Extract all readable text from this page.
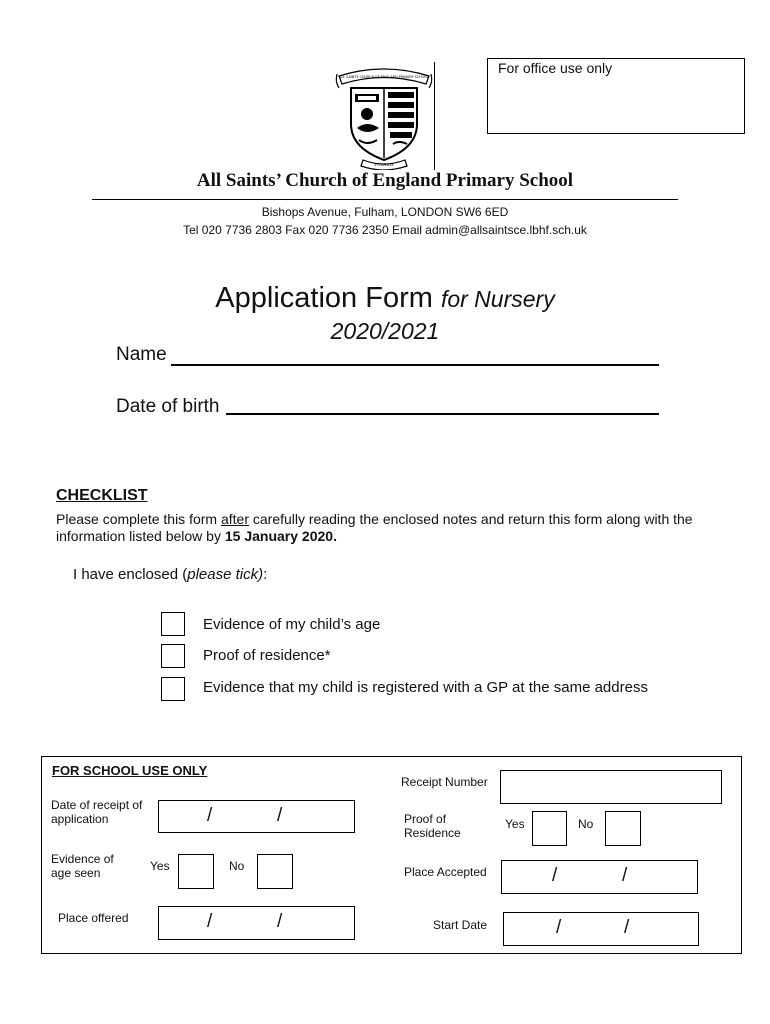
For office use only
ALL SAINTS CHURCH OF ENGLAND PRIMARY SCHOOL
FULHAM
All Saints’ Church of England Primary School
Bishops Avenue, Fulham, LONDON SW6 6ED
Tel 020 7736 2803 Fax 020 7736 2350 Email admin@allsaintsce.lbhf.sch.uk
Application Form for Nursery
2020/2021
Name
Date of birth
CHECKLIST
Please complete this form after carefully reading the enclosed notes and return this form along with the information listed below by 15 January 2020.
I have enclosed (please tick):
Evidence of my child’s age
Proof of residence*
Evidence that my child is registered with a GP at the same address
FOR SCHOOL USE ONLY
Date of receipt of
application	/	/
Evidence of
age seen	Yes	No
Place offered	/	/
Receipt Number
Proof of
Residence
Yes	No
Place Accepted	/	/
Start Date	/	/
